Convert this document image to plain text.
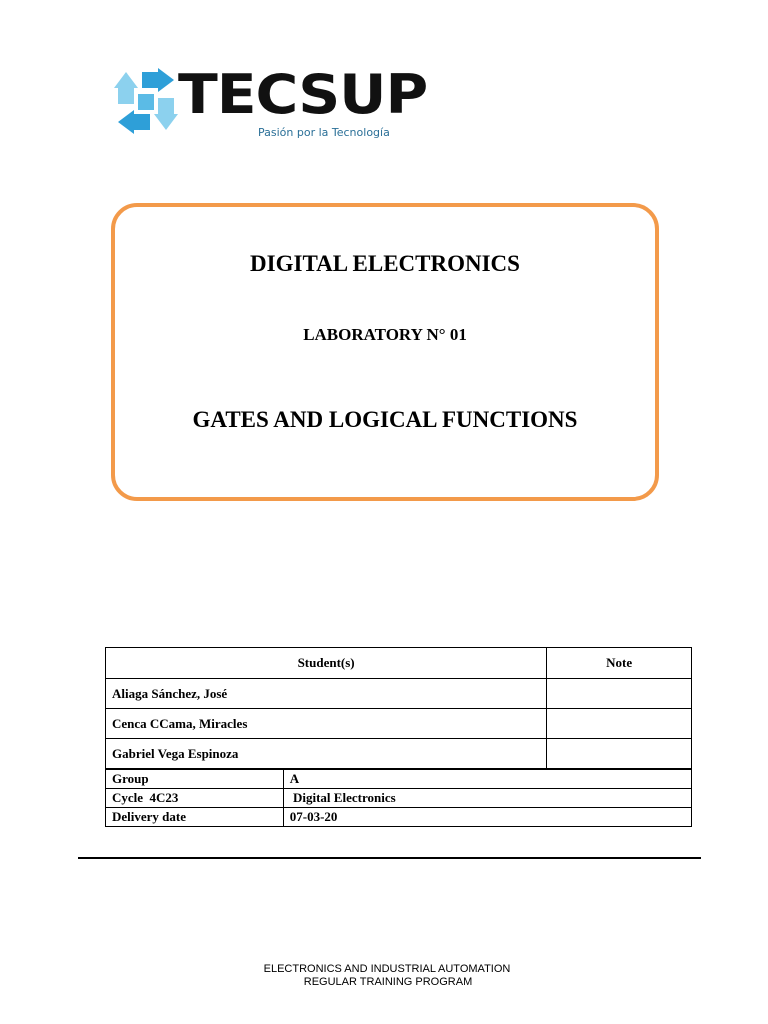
TECSUP
Pasión por la Tecnología
DIGITAL ELECTRONICS
LABORATORY N° 01
GATES AND LOGICAL FUNCTIONS
Student(s)	Note
Aliaga Sánchez, José	
Cenca CCama, Miracles	
Gabriel Vega Espinoza	
Group	A
Cycle  4C23	Digital Electronics
Delivery date	07-03-20
ELECTRONICS AND INDUSTRIAL AUTOMATION
REGULAR TRAINING PROGRAM
